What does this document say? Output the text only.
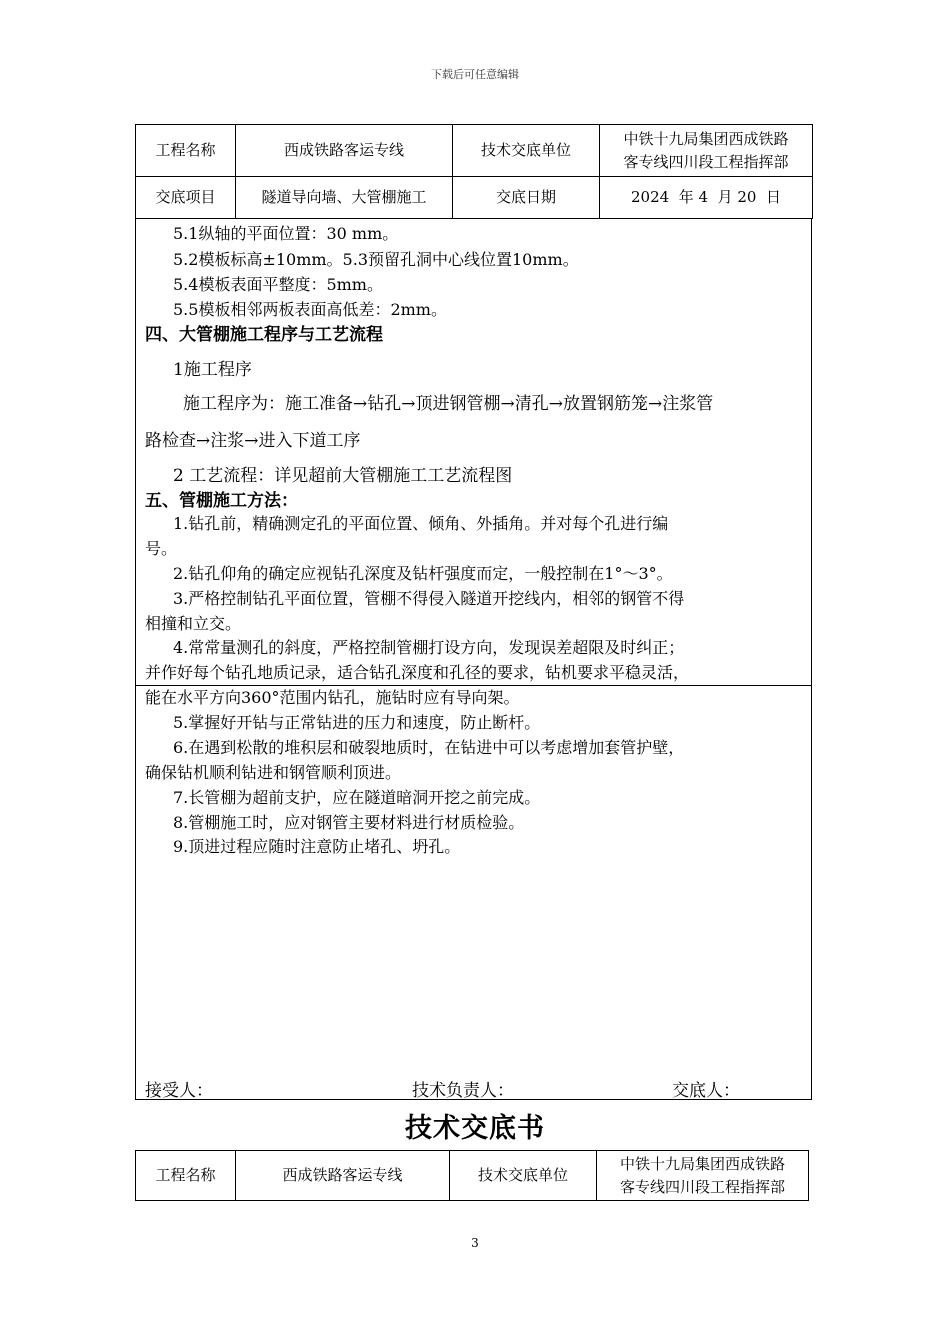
下载后可任意编辑
工程名称	西成铁路客运专线	技术交底单位	中铁十九局集团西成铁路
客专线四川段工程指挥部
交底项目	隧道导向墙、大管棚施工	交底日期	2024  年 4  月 20  日
5.1纵轴的平面位置：30 mm。
5.2模板标高±10mm。5.3预留孔洞中心线位置10mm。
5.4模板表面平整度：5mm。
5.5模板相邻两板表面高低差：2mm。
四、大管棚施工程序与工艺流程
1施工程序
施工程序为：施工准备→钻孔→顶进钢管棚→清孔→放置钢筋笼→注浆管
路检查→注浆→进入下道工序
2 工艺流程：详见超前大管棚施工工艺流程图
五、管棚施工方法：
1.钻孔前，精确测定孔的平面位置、倾角、外插角。并对每个孔进行编
号。
2.钻孔仰角的确定应视钻孔深度及钻杆强度而定，一般控制在1°～3°。
3.严格控制钻孔平面位置，管棚不得侵入隧道开挖线内，相邻的钢管不得
相撞和立交。
4.常常量测孔的斜度，严格控制管棚打设方向，发现误差超限及时纠正；
并作好每个钻孔地质记录，适合钻孔深度和孔径的要求，钻机要求平稳灵活，
能在水平方向360°范围内钻孔，施钻时应有导向架。
5.掌握好开钻与正常钻进的压力和速度，防止断杆。
6.在遇到松散的堆积层和破裂地质时，在钻进中可以考虑增加套管护壁，
确保钻机顺利钻进和钢管顺利顶进。
7.长管棚为超前支护，应在隧道暗洞开挖之前完成。
8.管棚施工时，应对钢管主要材料进行材质检验。
9.顶进过程应随时注意防止堵孔、坍孔。
接受人：	技术负责人：	交底人：
技术交底书
工程名称	西成铁路客运专线	技术交底单位	中铁十九局集团西成铁路
客专线四川段工程指挥部
3
